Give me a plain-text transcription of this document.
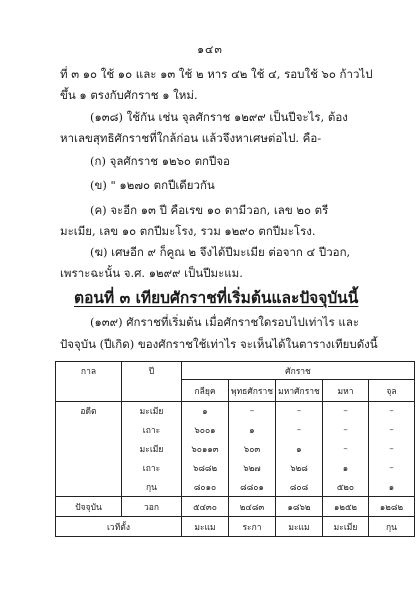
๑๔๓
ที่ ๓ ๑๐ ใช้ ๑๐ และ ๑๓ ใช้ ๒ หาร ๔๒ ใช้ ๔, รอบใช้ ๖๐ ก้าวไป
ขึ้น ๑ ตรงกับศักราช ๑ ใหม่.
(๑๓๘) ใช้กัน เช่น จุลศักราช ๑๒๙๙ เป็นปีจะไร, ต้อง
หาเลขสุทธิศักราชที่ใกล้ก่อน แล้วจึงหาเศษต่อไป. คือ-
(ก) จุลศักราช ๑๒๖๐ ตกปีจอ
(ข) " ๑๒๗๐ ตกปีเดียวกัน
(ค) จะอีก ๑๓ ปี คือเรข ๑๐ ตามีวอก, เลข ๒๐ ตรี
มะเมีย, เลข ๑๐ ตกปีมะโรง, รวม ๑๒๙๐ ตกปีมะโรง.
(ฆ) เศษอีก ๙ ก็คูณ ๒ จึงได้ปีมะเมีย ต่อจาก ๔ ปีวอก,
เพราะฉะนั้น จ.ศ. ๑๒๙๙ เป็นปีมะแม.
ตอนที่ ๓ เทียบศักราชที่เริ่มต้นและปัจจุบันนี้
(๑๓๙) ศักราชที่เริ่มต้น เมื่อศักราชใดรอบไปเท่าไร และ
ปัจจุบัน (ปีเกิด) ของศักราชใช้เท่าไร จะเห็นได้ในตารางเทียบดังนี้
กาล	ปี	ศักราช				
		กลียุค	พุทธศักราช	มหาศักราช	มหา	จุล
อดีต	มะเมีย	๑	–	–	–	–
	เถาะ	๖๐๐๑	๑	–	–	–
	มะเมีย	๖๐๑๑๓	๖๐๓	๑	–	–
	เถาะ	๖๘๘๒	๖๒๗	๖๒๘	๑	–
	กุน	๘๐๑๐	๘๘๐๑	๘๐๘	๕๒๐	๑
ปัจจุบัน	วอก	๕๔๓๐	๒๔๘๓	๑๘๖๒	๑๒๕๒	๑๒๘๒
เวทีตั้ง		มะแม	ระกา	มะแม	มะเมีย	กุน
